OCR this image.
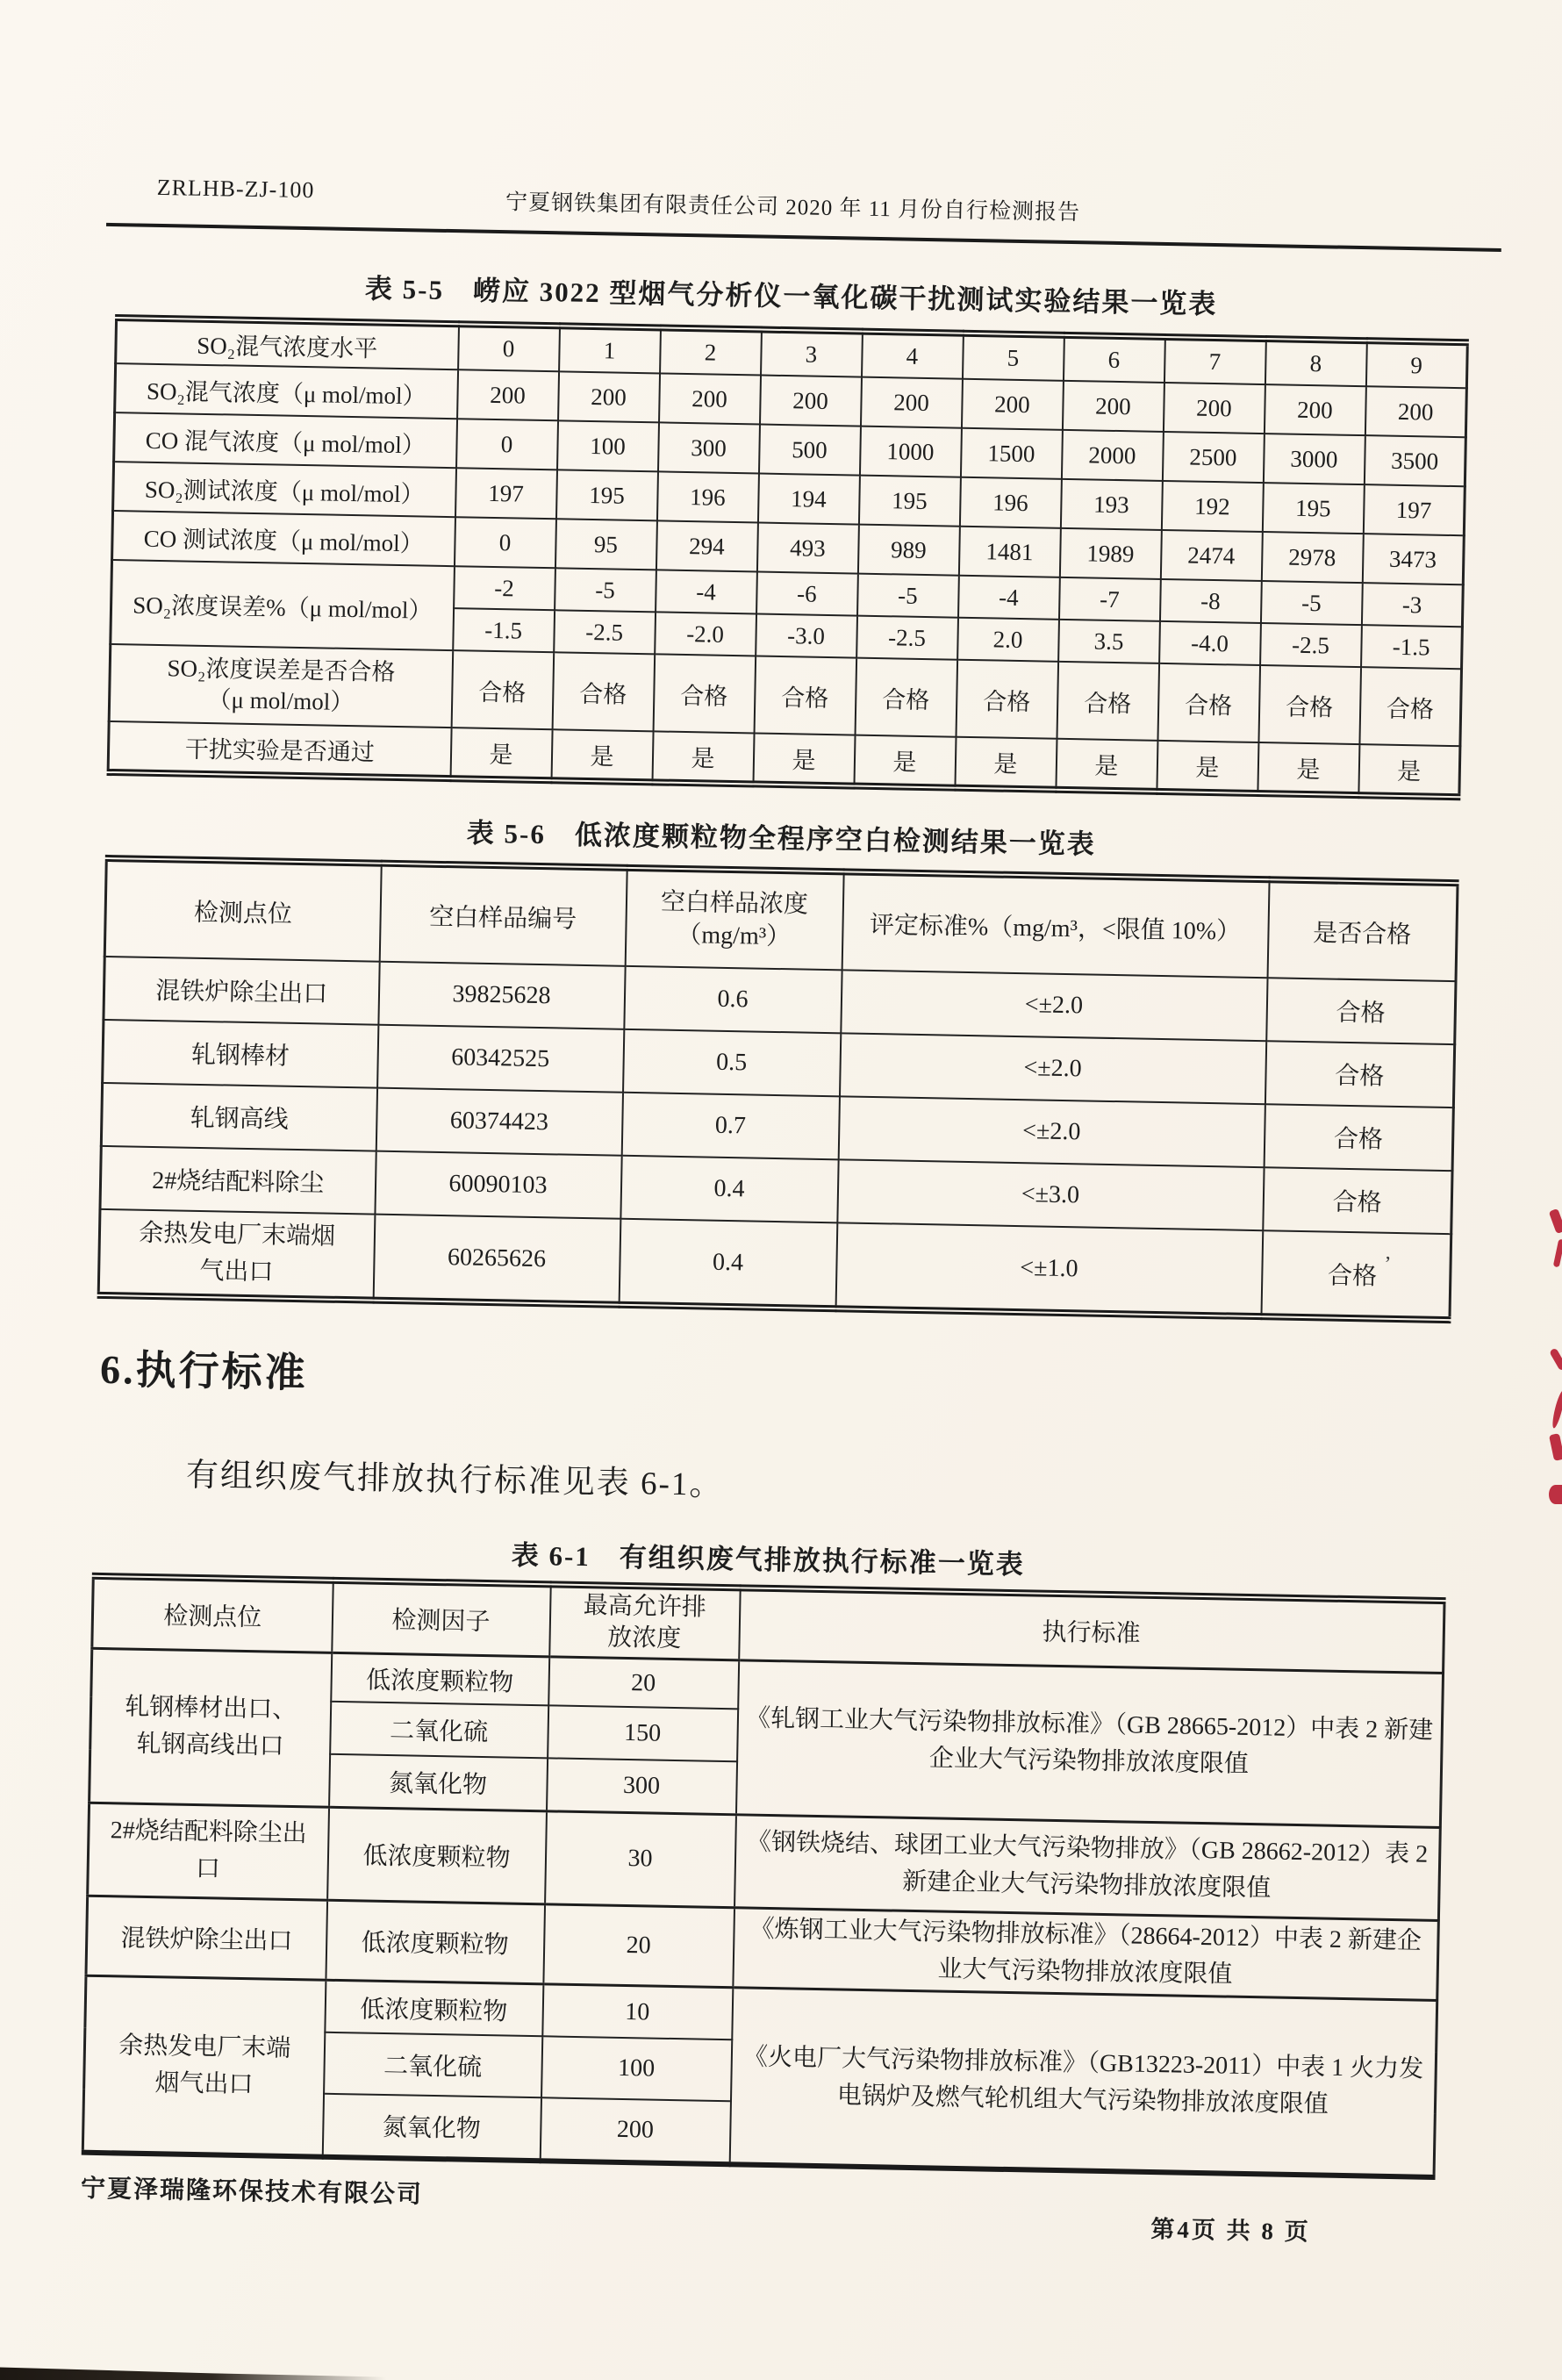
ZRLHB-ZJ-100
宁夏钢铁集团有限责任公司 2020 年 11 月份自行检测报告
表 5-5　崂应 3022 型烟气分析仪一氧化碳干扰测试实验结果一览表
SO₂混气浓度水平	0	1	2	3	4	5	6	7	8	9
SO₂混气浓度（μ mol/mol）	200	200	200	200	200	200	200	200	200	200
CO 混气浓度（μ mol/mol）	0	100	300	500	1000	1500	2000	2500	3000	3500
SO₂测试浓度（μ mol/mol）	197	195	196	194	195	196	193	192	195	197
CO 测试浓度（μ mol/mol）	0	95	294	493	989	1481	1989	2474	2978	3473
SO₂浓度误差%（μ mol/mol）	-2	-5	-4	-6	-5	-4	-7	-8	-5	-3
	-1.5	-2.5	-2.0	-3.0	-2.5	2.0	3.5	-4.0	-2.5	-1.5

SO₂浓度误差是否合格
（μ mol/mol）	合格	合格	合格	合格	合格	合格	合格	合格	合格	合格
干扰实验是否通过	是	是	是	是	是	是	是	是	是	是
表 5-6　低浓度颗粒物全程序空白检测结果一览表
检测点位	空白样品编号	空白样品浓度
（mg/m³）	评定标准%（mg/m³，<限值 10%）	是否合格
混铁炉除尘出口	39825628	0.6	<±2.0	合格
轧钢棒材	60342525	0.5	<±2.0	合格
轧钢高线	60374423	0.7	<±2.0	合格
2#烧结配料除尘	60090103	0.4	<±3.0	合格
余热发电厂末端烟气出口	60265626	0.4	<±1.0	合格 ’
6.执行标准
有组织废气排放执行标准见表 6-1。
表 6-1　有组织废气排放执行标准一览表
检测点位	检测因子	最高允许排
放浓度	执行标准
轧钢棒材出口、轧钢高线出口	低浓度颗粒物	20	《轧钢工业大气污染物排放标准》（GB 28665-2012）中表 2 新建企业大气污染物排放浓度限值
	二氧化硫	150	
	氮氧化物	300	
2#烧结配料除尘出口	低浓度颗粒物	30	《钢铁烧结、球团工业大气污染物排放》（GB 28662-2012）表 2 新建企业大气污染物排放浓度限值
混铁炉除尘出口	低浓度颗粒物	20	《炼钢工业大气污染物排放标准》（28664-2012）中表 2 新建企业大气污染物排放浓度限值
余热发电厂末端烟气出口	低浓度颗粒物	10	《火电厂大气污染物排放标准》（GB13223-2011）中表 1 火力发电锅炉及燃气轮机组大气污染物排放浓度限值
	二氧化硫	100	
	氮氧化物	200	
宁夏泽瑞隆环保技术有限公司
第4页 共 8 页
